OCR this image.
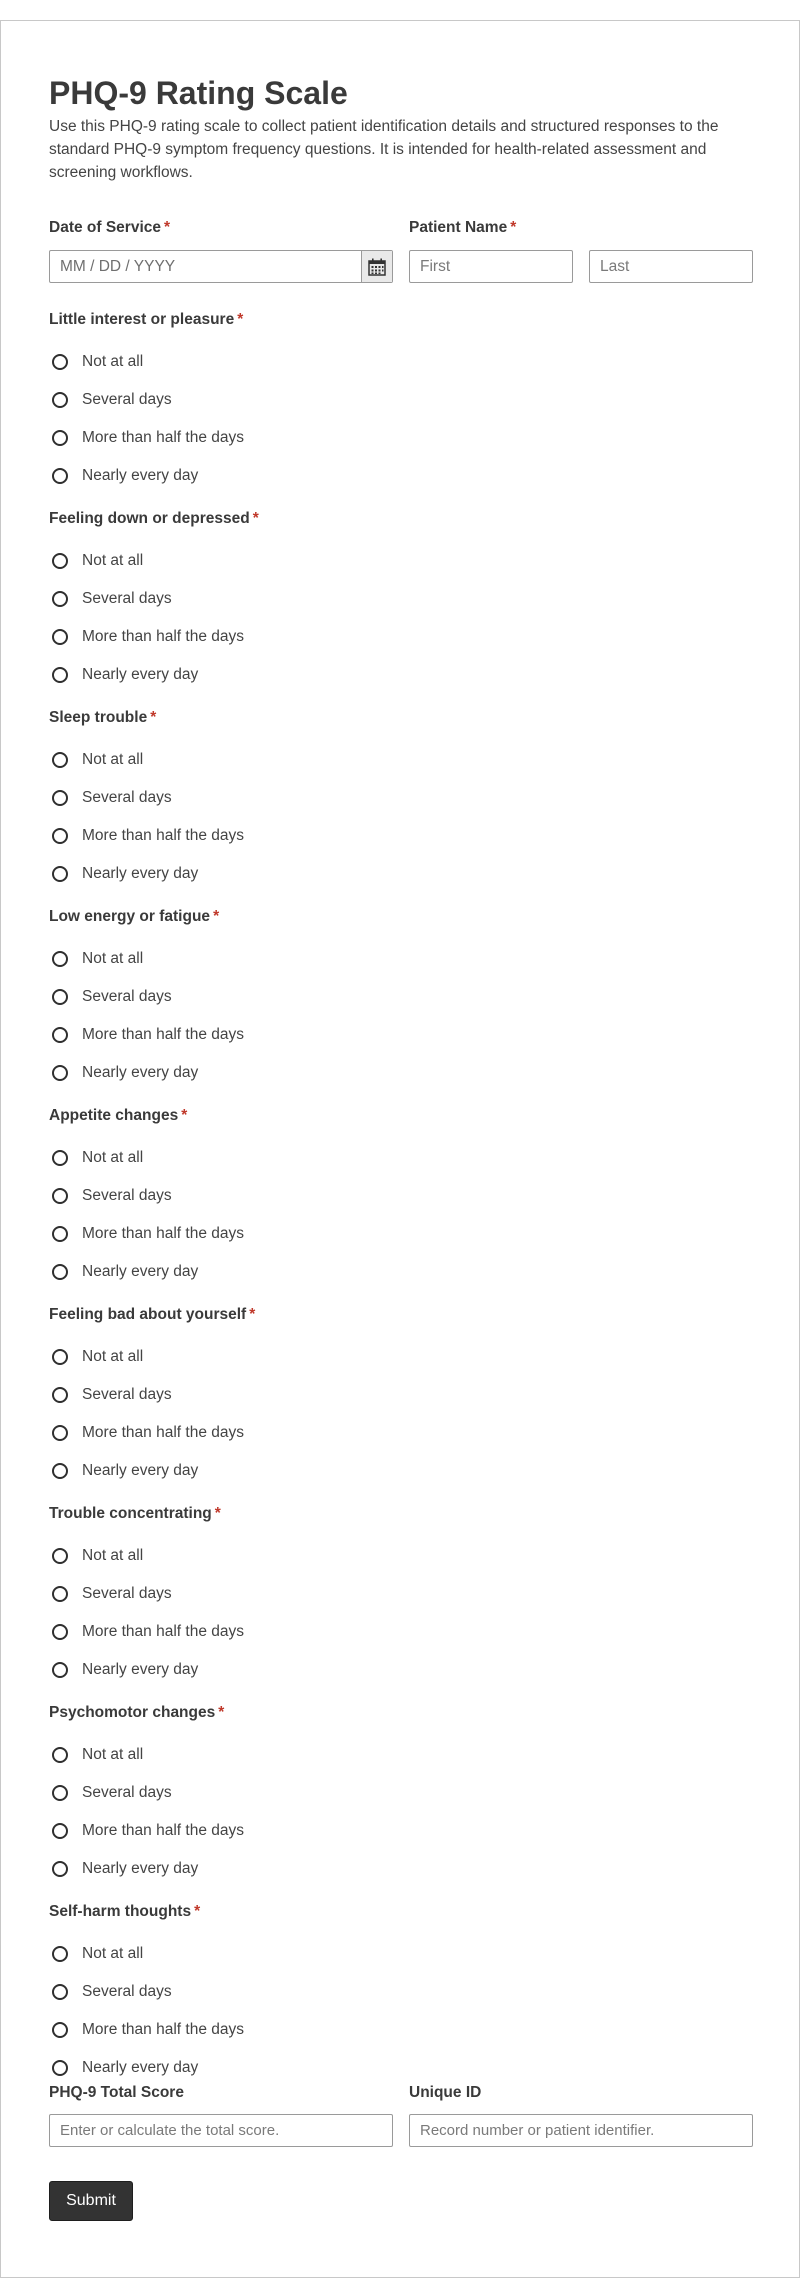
PHQ-9 Rating Scale
Use this PHQ-9 rating scale to collect patient identification details and structured responses to the standard PHQ-9 symptom frequency questions. It is intended for health-related assessment and screening workflows.
Date of Service *
MM / DD / YYYY
Patient Name *
First	Last
Little interest or pleasure *
Not at all
Several days
More than half the days
Nearly every day
Feeling down or depressed *
Not at all
Several days
More than half the days
Nearly every day
Sleep trouble *
Not at all
Several days
More than half the days
Nearly every day
Low energy or fatigue *
Not at all
Several days
More than half the days
Nearly every day
Appetite changes *
Not at all
Several days
More than half the days
Nearly every day
Feeling bad about yourself *
Not at all
Several days
More than half the days
Nearly every day
Trouble concentrating *
Not at all
Several days
More than half the days
Nearly every day
Psychomotor changes *
Not at all
Several days
More than half the days
Nearly every day
Self-harm thoughts *
Not at all
Several days
More than half the days
Nearly every day
PHQ-9 Total Score
Enter or calculate the total score.
Unique ID
Record number or patient identifier.
Submit
